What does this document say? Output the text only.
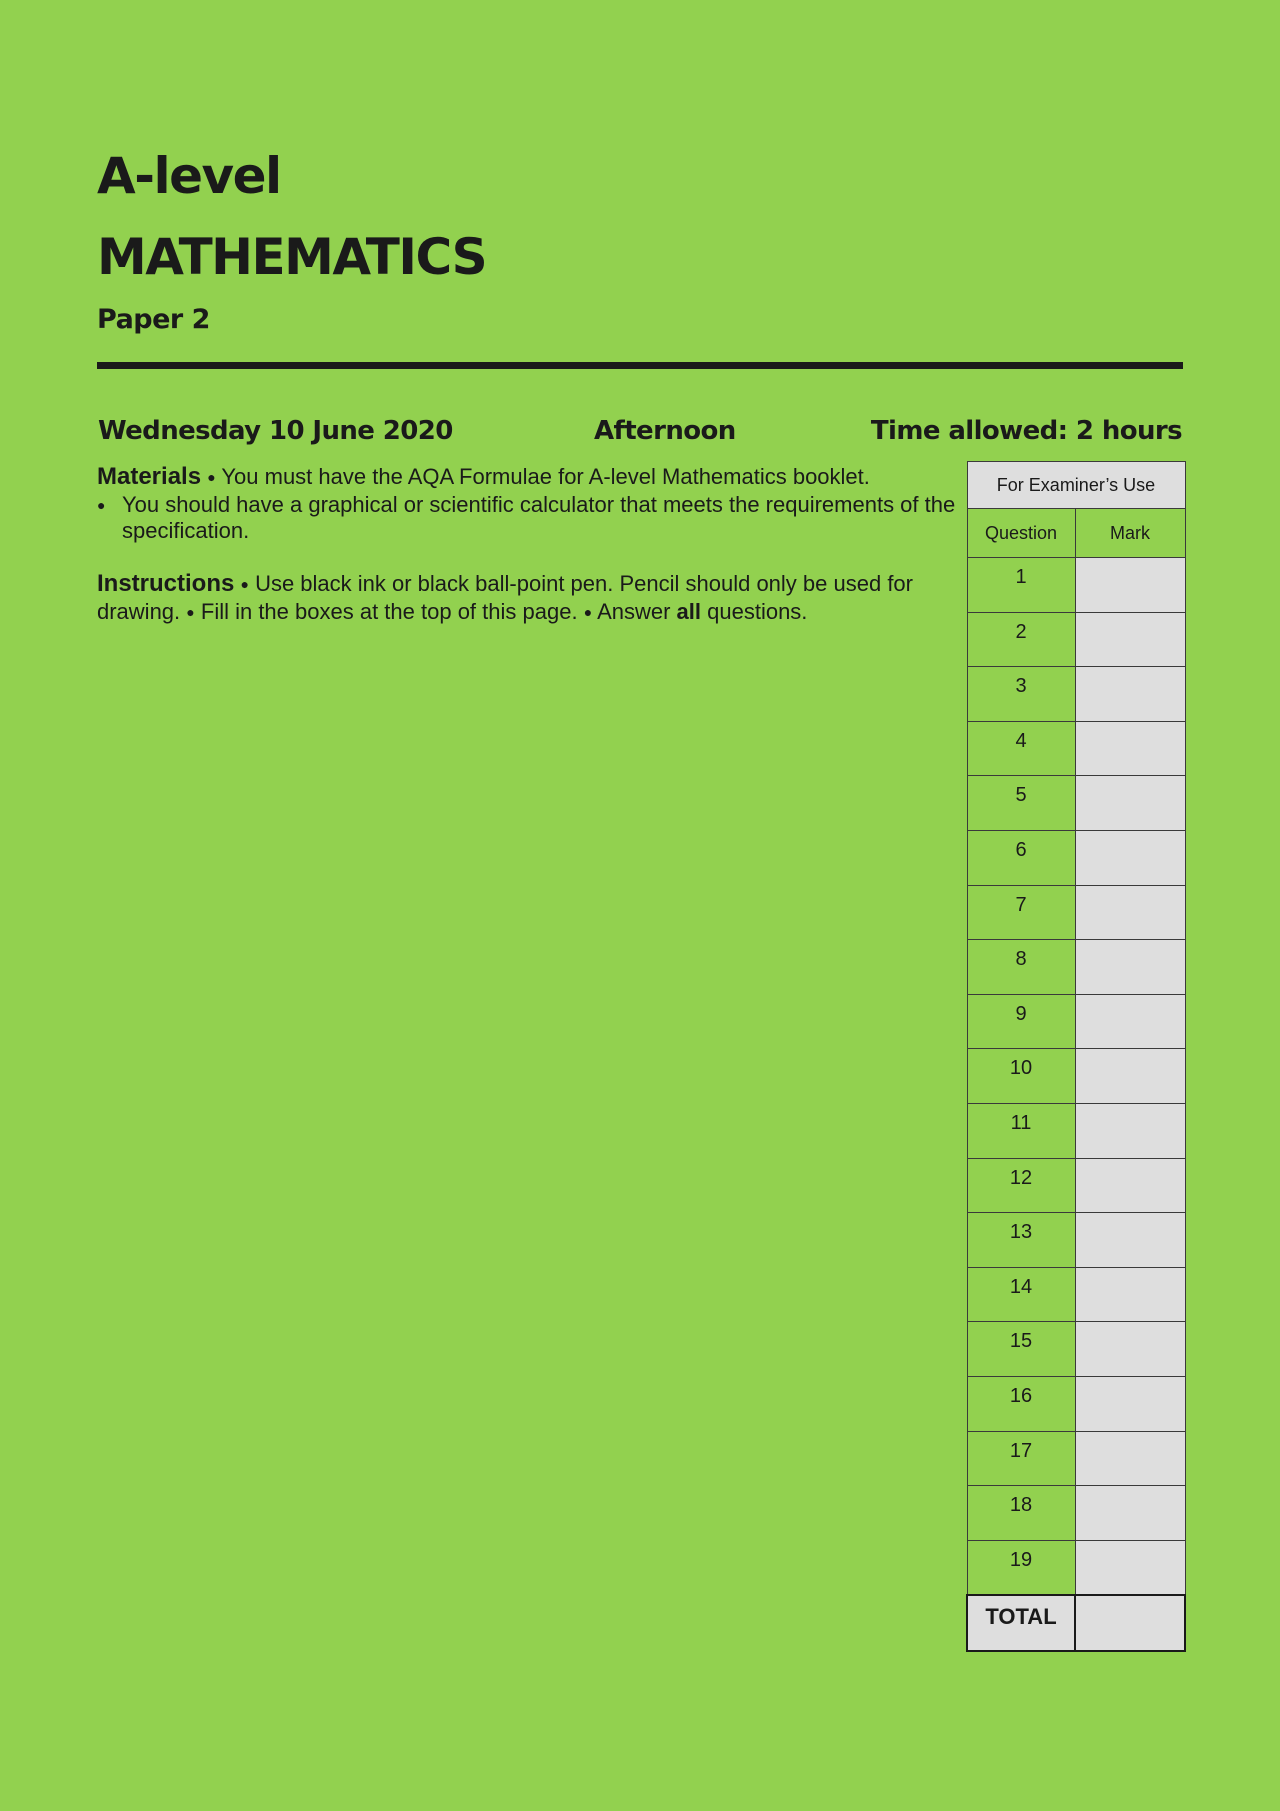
A-level
MATHEMATICS
Paper 2
Wednesday 10 June 2020	Afternoon	Time allowed: 2 hours
Materials ● You must have the AQA Formulae for A-level Mathematics booklet.
● You should have a graphical or scientific calculator that meets the requirements of the specification.
Instructions ● Use black ink or black ball-point pen. Pencil should only be used for drawing. ● Fill in the boxes at the top of this page. ● Answer all questions.
For Examiner’s Use	
Question	Mark
1	
2	
3	
4	
5	
6	
7	
8	
9	
10	
11	
12	
13	
14	
15	
16	
17	
18	
19	
TOTAL	
